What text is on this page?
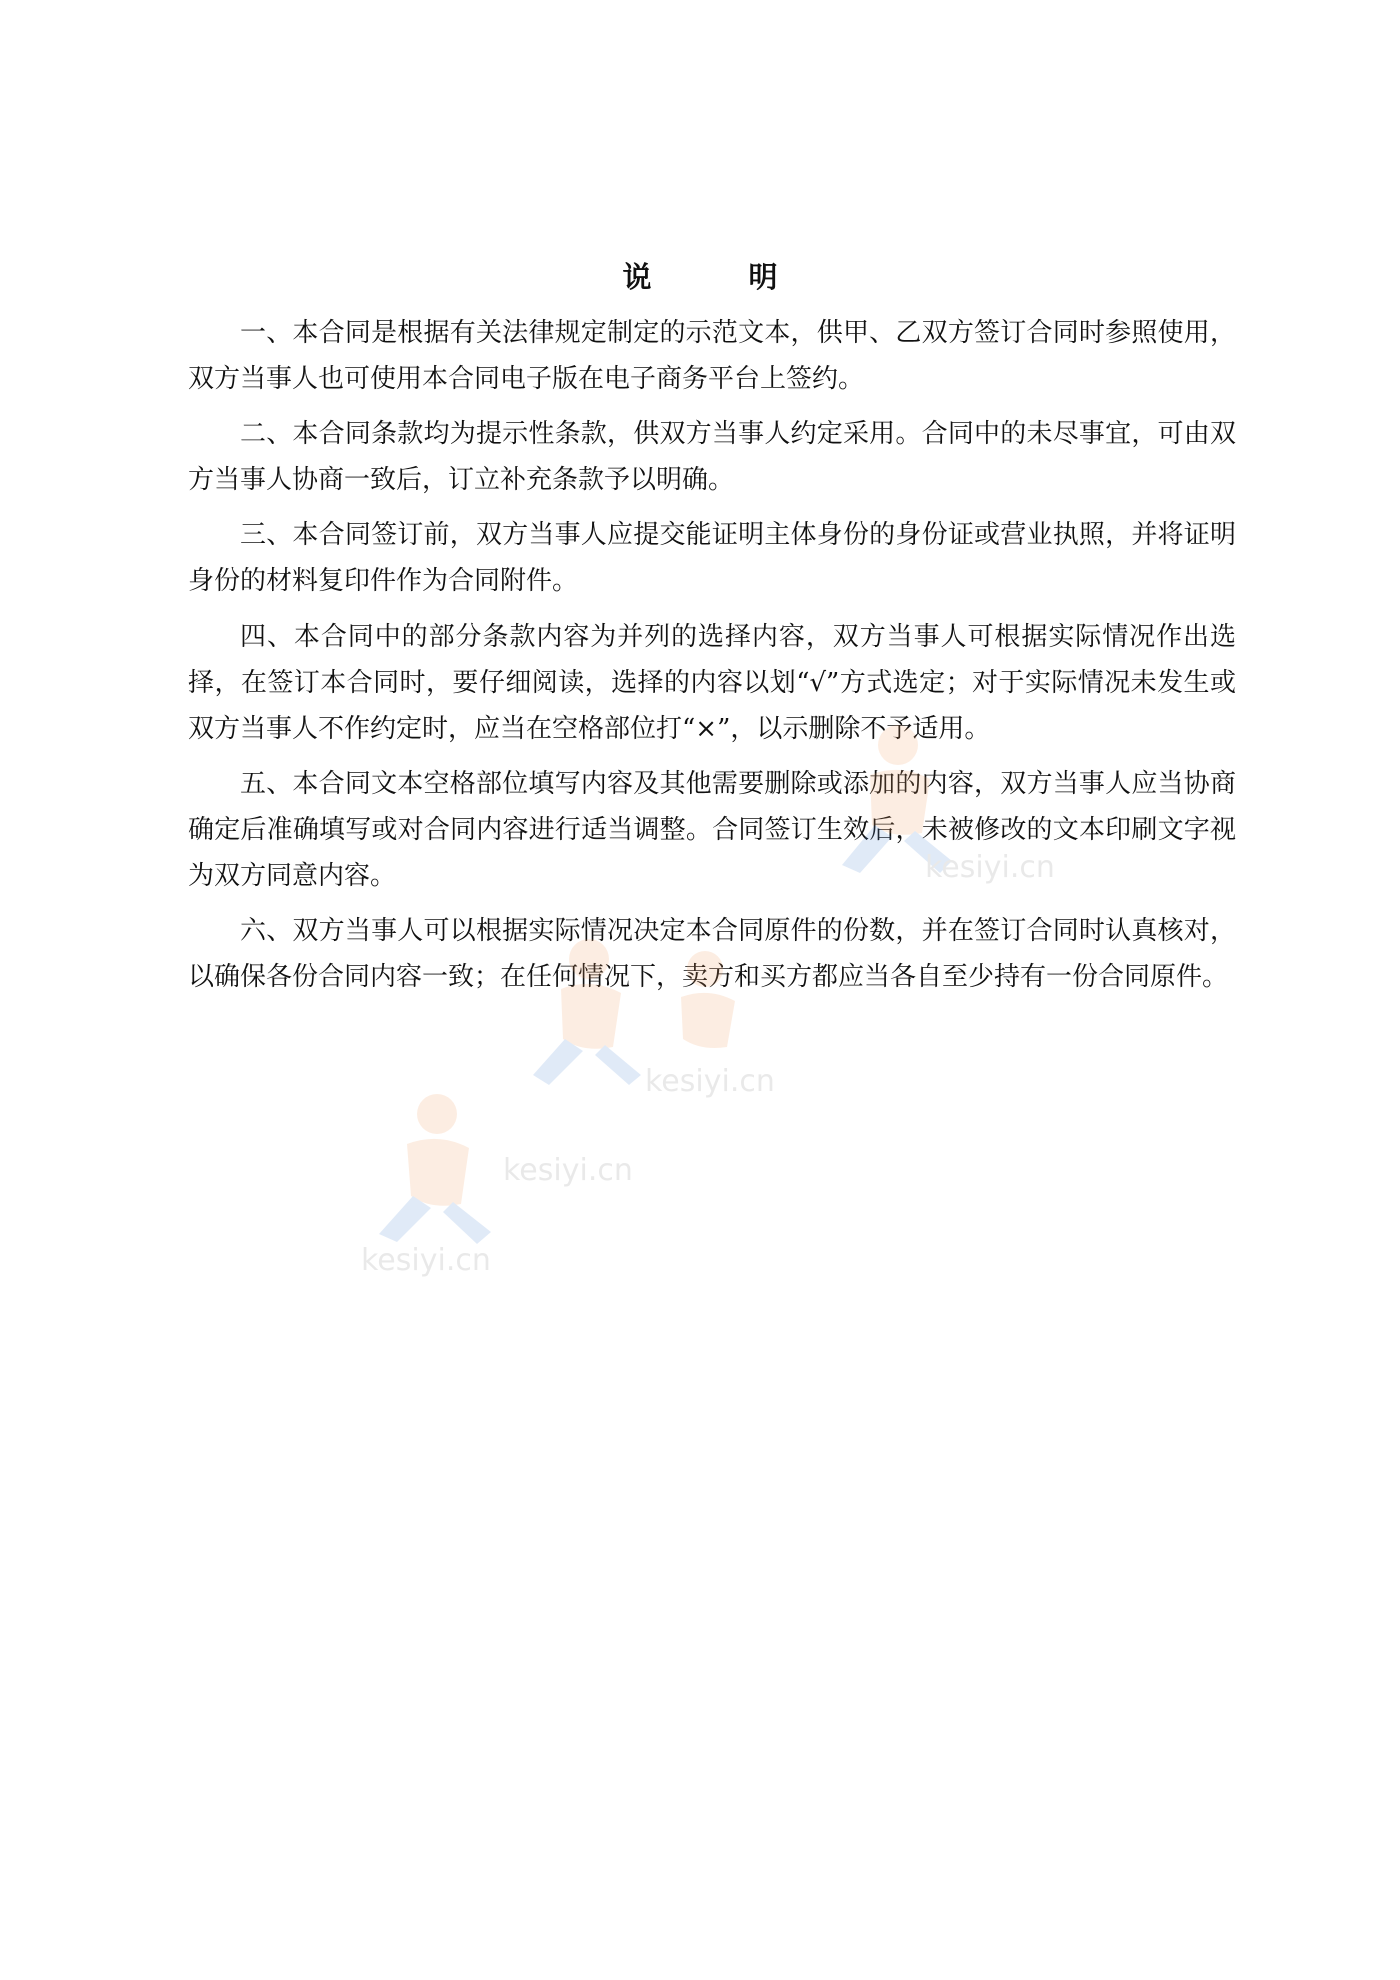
说　明

一、本合同是根据有关法律规定制定的示范文本，供甲、乙双方签订合同时参照使用，双方当事人也可使用本合同电子版在电子商务平台上签约。

二、本合同条款均为提示性条款，供双方当事人约定采用。合同中的未尽事宜，可由双方当事人协商一致后，订立补充条款予以明确。

三、本合同签订前，双方当事人应提交能证明主体身份的身份证或营业执照，并将证明身份的材料复印件作为合同附件。

四、本合同中的部分条款内容为并列的选择内容，双方当事人可根据实际情况作出选择，在签订本合同时，要仔细阅读，选择的内容以划“√”方式选定；对于实际情况未发生或双方当事人不作约定时，应当在空格部位打“×”，以示删除不予适用。

五、本合同文本空格部位填写内容及其他需要删除或添加的内容，双方当事人应当协商确定后准确填写或对合同内容进行适当调整。合同签订生效后，未被修改的文本印刷文字视为双方同意内容。

六、双方当事人可以根据实际情况决定本合同原件的份数，并在签订合同时认真核对，以确保各份合同内容一致；在任何情况下，卖方和买方都应当各自至少持有一份合同原件。

kesiyi.cn
kesiyi.cn
kesiyi.cn
kesiyi.cn
